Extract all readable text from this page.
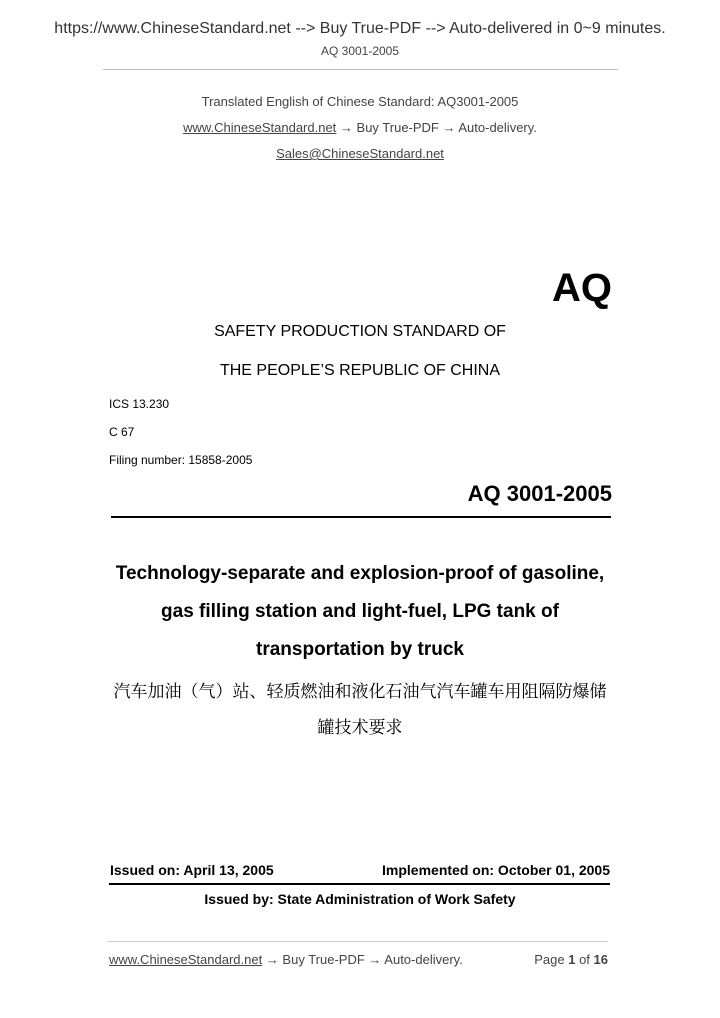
https://www.ChineseStandard.net --> Buy True-PDF --> Auto-delivered in 0~9 minutes.
AQ 3001-2005
Translated English of Chinese Standard: AQ3001-2005
www.ChineseStandard.net → Buy True-PDF → Auto-delivery.
Sales@ChineseStandard.net
AQ
SAFETY PRODUCTION STANDARD OF
THE PEOPLE’S REPUBLIC OF CHINA
ICS 13.230
C 67
Filing number: 15858-2005
AQ 3001-2005
Technology-separate and explosion-proof of gasoline,
gas filling station and light-fuel, LPG tank of
transportation by truck
汽车加油（气）站、轻质燃油和液化石油气汽车罐车用阻隔防爆储
罐技术要求
Issued on: April 13, 2005	Implemented on: October 01, 2005
Issued by: State Administration of Work Safety
www.ChineseStandard.net → Buy True-PDF → Auto-delivery.	Page 1 of 16
